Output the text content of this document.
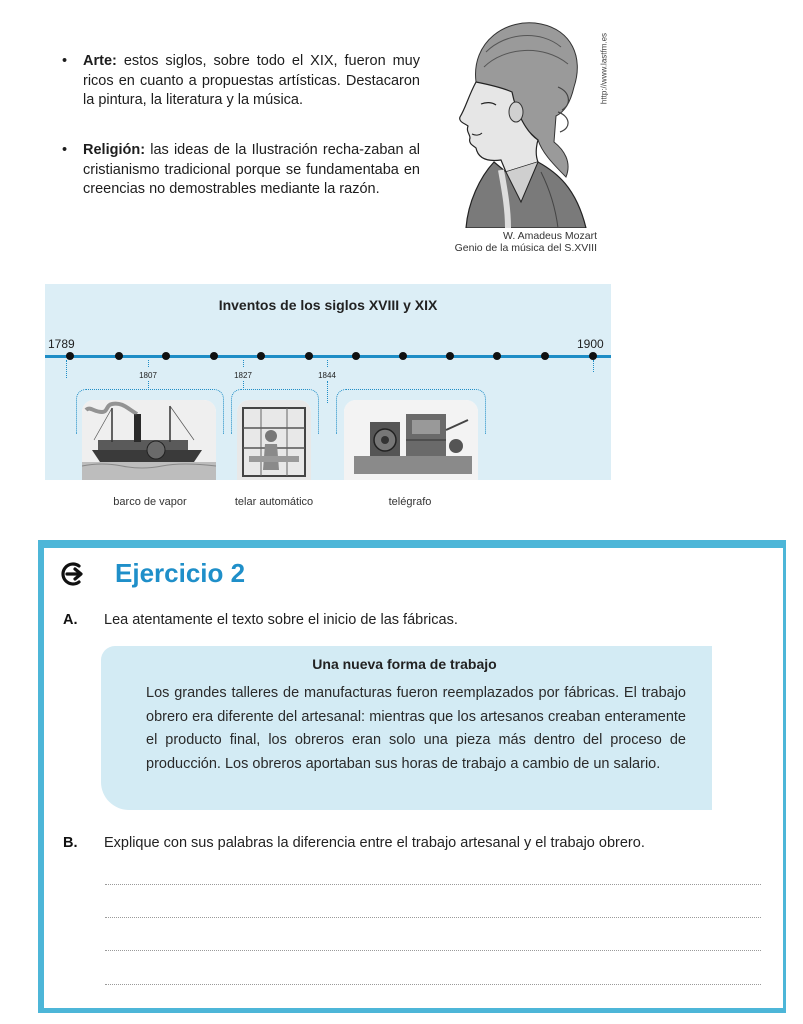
• Arte: estos siglos, sobre todo el XIX, fueron muy ricos en cuanto a propuestas artísticas. Destacaron la pintura, la literatura y la música.
• Religión: las ideas de la Ilustración recha-zaban al cristianismo tradicional porque se fundamentaba en creencias no demostrables mediante la razón.
http://www.lastfm.es
W. Amadeus Mozart
Genio de la música del S.XVIII
Inventos de los siglos XVIII y XIX
1789	1900
1807	1827	1844
barco de vapor	telar automático	telégrafo
Ejercicio 2
A. Lea atentamente el texto sobre el inicio de las fábricas.
Una nueva forma de trabajo
Los grandes talleres de manufacturas fueron reemplazados por fábricas. El trabajo obrero era diferente del artesanal: mientras que los artesanos creaban enteramente el producto final, los obreros eran solo una pieza más dentro del proceso de producción. Los obreros aportaban sus horas de trabajo a cambio de un salario.
B. Explique con sus palabras la diferencia entre el trabajo artesanal y el trabajo obrero.
